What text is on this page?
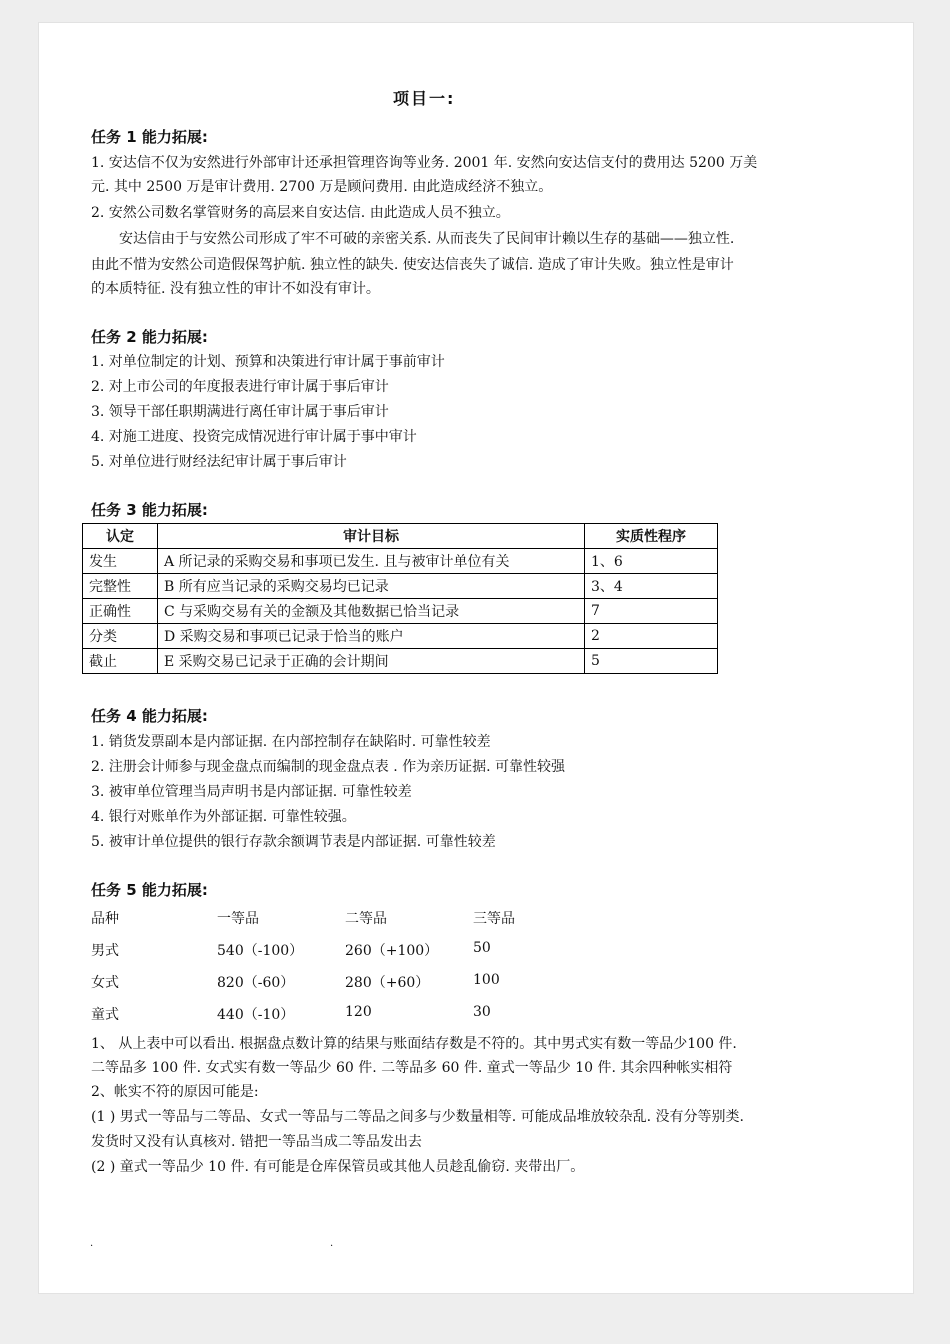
项目一:
任务 1 能力拓展:
1. 安达信不仅为安然进行外部审计还承担管理咨询等业务. 2001 年. 安然向安达信支付的费用达 5200 万美
元. 其中 2500 万是审计费用. 2700 万是顾问费用. 由此造成经济不独立。
2. 安然公司数名掌管财务的高层来自安达信. 由此造成人员不独立。
　　安达信由于与安然公司形成了牢不可破的亲密关系. 从而丧失了民间审计赖以生存的基础——独立性.
由此不惜为安然公司造假保驾护航. 独立性的缺失. 使安达信丧失了诚信. 造成了审计失败。独立性是审计
的本质特征. 没有独立性的审计不如没有审计。
任务 2 能力拓展:
1. 对单位制定的计划、预算和决策进行审计属于事前审计
2. 对上市公司的年度报表进行审计属于事后审计
3. 领导干部任职期满进行离任审计属于事后审计
4. 对施工进度、投资完成情况进行审计属于事中审计
5. 对单位进行财经法纪审计属于事后审计
任务 3 能力拓展:
认定	审计目标	实质性程序
发生	A 所记录的采购交易和事项已发生. 且与被审计单位有关	1、6
完整性	B 所有应当记录的采购交易均已记录	3、4
正确性	C 与采购交易有关的金额及其他数据已恰当记录	7
分类	D 采购交易和事项已记录于恰当的账户	2
截止	E 采购交易已记录于正确的会计期间	5
任务 4 能力拓展:
1. 销货发票副本是内部证据. 在内部控制存在缺陷时. 可靠性较差
2. 注册会计师参与现金盘点而编制的现金盘点表 . 作为亲历证据. 可靠性较强
3. 被审单位管理当局声明书是内部证据. 可靠性较差
4. 银行对账单作为外部证据. 可靠性较强。
5. 被审计单位提供的银行存款余额调节表是内部证据. 可靠性较差
任务 5 能力拓展:
品种	一等品	二等品	三等品
男式	540（-100）	260（+100） 50
女式	820（-60）	280（+60）	100
童式	440（-10）	120	30
1、 从上表中可以看出. 根据盘点数计算的结果与账面结存数是不符的。其中男式实有数一等品少100 件.
二等品多 100 件. 女式实有数一等品少 60 件. 二等品多 60 件. 童式一等品少 10 件. 其余四种帐实相符
2、帐实不符的原因可能是:
(1 ) 男式一等品与二等品、女式一等品与二等品之间多与少数量相等. 可能成品堆放较杂乱. 没有分等别类.
发货时又没有认真核对. 错把一等品当成二等品发出去
(2 ) 童式一等品少 10 件. 有可能是仓库保管员或其他人员趁乱偷窃. 夹带出厂。
.	.
